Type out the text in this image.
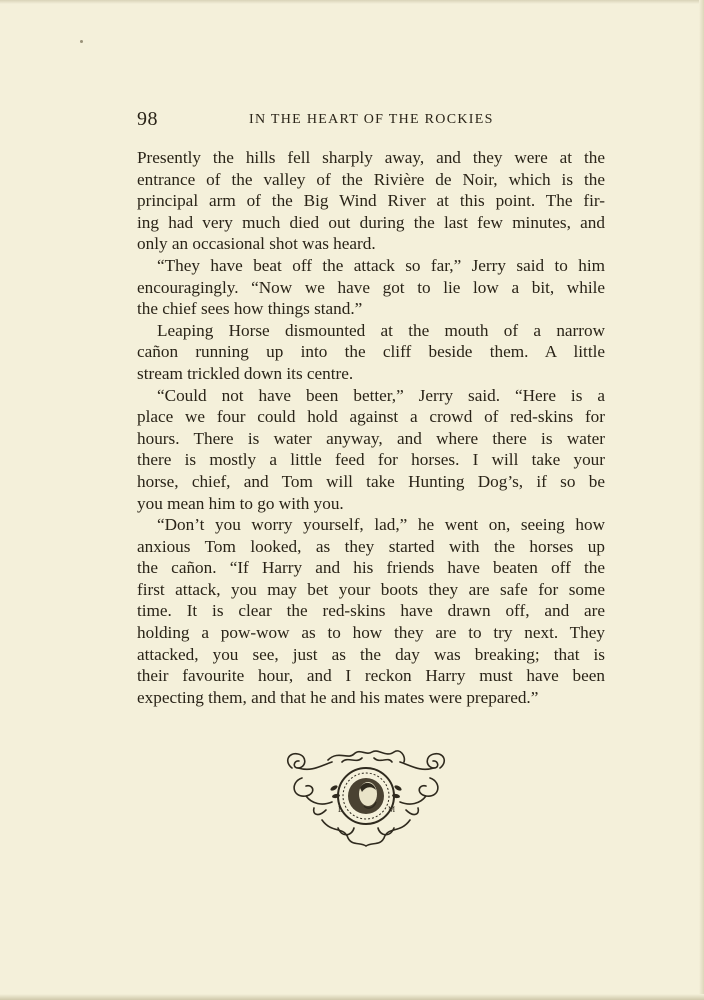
98	IN THE HEART OF THE ROCKIES
Presently the hills fell sharply away, and they were at the
entrance of the valley of the Rivière de Noir, which is the
principal arm of the Big Wind River at this point. The fir-
ing had very much died out during the last few minutes, and
only an occasional shot was heard.
“They have beat off the attack so far,” Jerry said to him
encouragingly. “Now we have got to lie low a bit, while
the chief sees how things stand.”
Leaping Horse dismounted at the mouth of a narrow
cañon running up into the cliff beside them. A little
stream trickled down its centre.
“Could not have been better,” Jerry said. “Here is a
place we four could hold against a crowd of red-skins for
hours. There is water anyway, and where there is water
there is mostly a little feed for horses. I will take your
horse, chief, and Tom will take Hunting Dog’s, if so be
you mean him to go with you.
“Don’t you worry yourself, lad,” he went on, seeing how
anxious Tom looked, as they started with the horses up
the cañon. “If Harry and his friends have beaten off the
first attack, you may bet your boots they are safe for some
time. It is clear the red-skins have drawn off, and are
holding a pow-wow as to how they are to try next. They
attacked, you see, just as the day was breaking; that is
their favourite hour, and I reckon Harry must have been
expecting them, and that he and his mates were prepared.”
L	M
